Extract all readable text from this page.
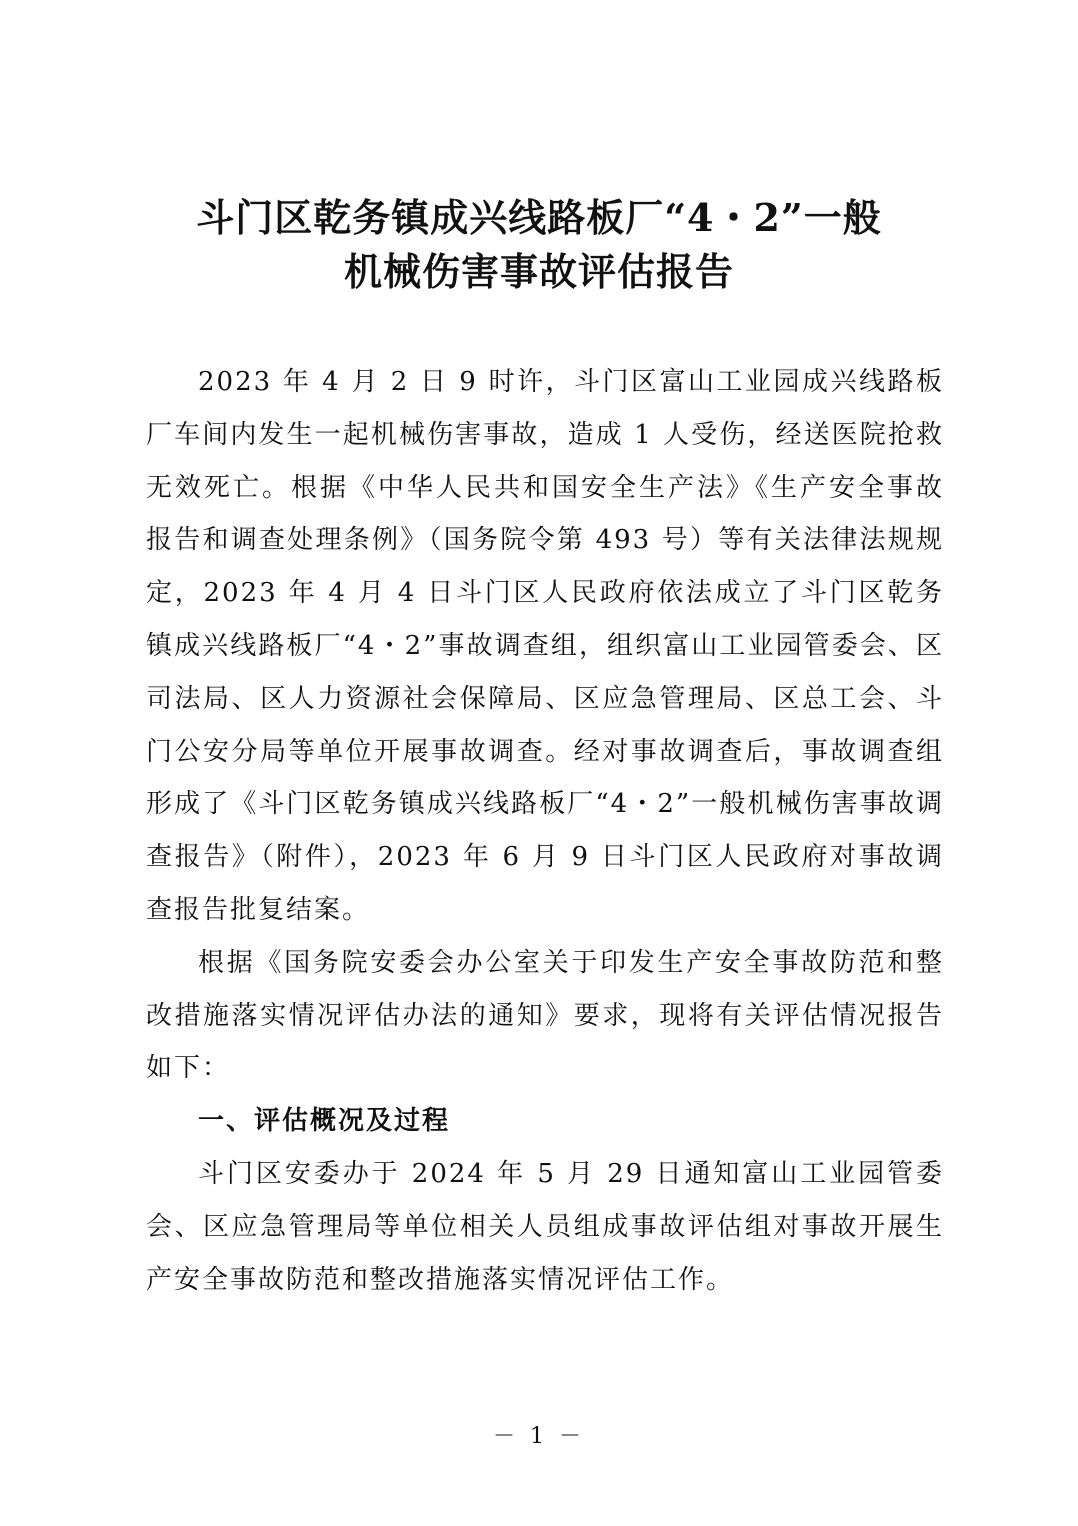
斗门区乾务镇成兴线路板厂“4・2”一般
机械伤害事故评估报告

2023 年 4 月 2 日 9 时许，斗门区富山工业园成兴线路板厂车间内发生一起机械伤害事故，造成 1 人受伤，经送医院抢救无效死亡。根据《中华人民共和国安全生产法》《生产安全事故报告和调查处理条例》（国务院令第 493 号）等有关法律法规规定，2023 年 4 月 4 日斗门区人民政府依法成立了斗门区乾务镇成兴线路板厂“4・2”事故调查组，组织富山工业园管委会、区司法局、区人力资源社会保障局、区应急管理局、区总工会、斗门公安分局等单位开展事故调查。经对事故调查后，事故调查组形成了《斗门区乾务镇成兴线路板厂“4・2”一般机械伤害事故调查报告》（附件），2023 年 6 月 9 日斗门区人民政府对事故调查报告批复结案。

根据《国务院安委会办公室关于印发生产安全事故防范和整改措施落实情况评估办法的通知》要求，现将有关评估情况报告如下：

一、评估概况及过程

斗门区安委办于 2024 年 5 月 29 日通知富山工业园管委会、区应急管理局等单位相关人员组成事故评估组对事故开展生产安全事故防范和整改措施落实情况评估工作。

－ 1 －
